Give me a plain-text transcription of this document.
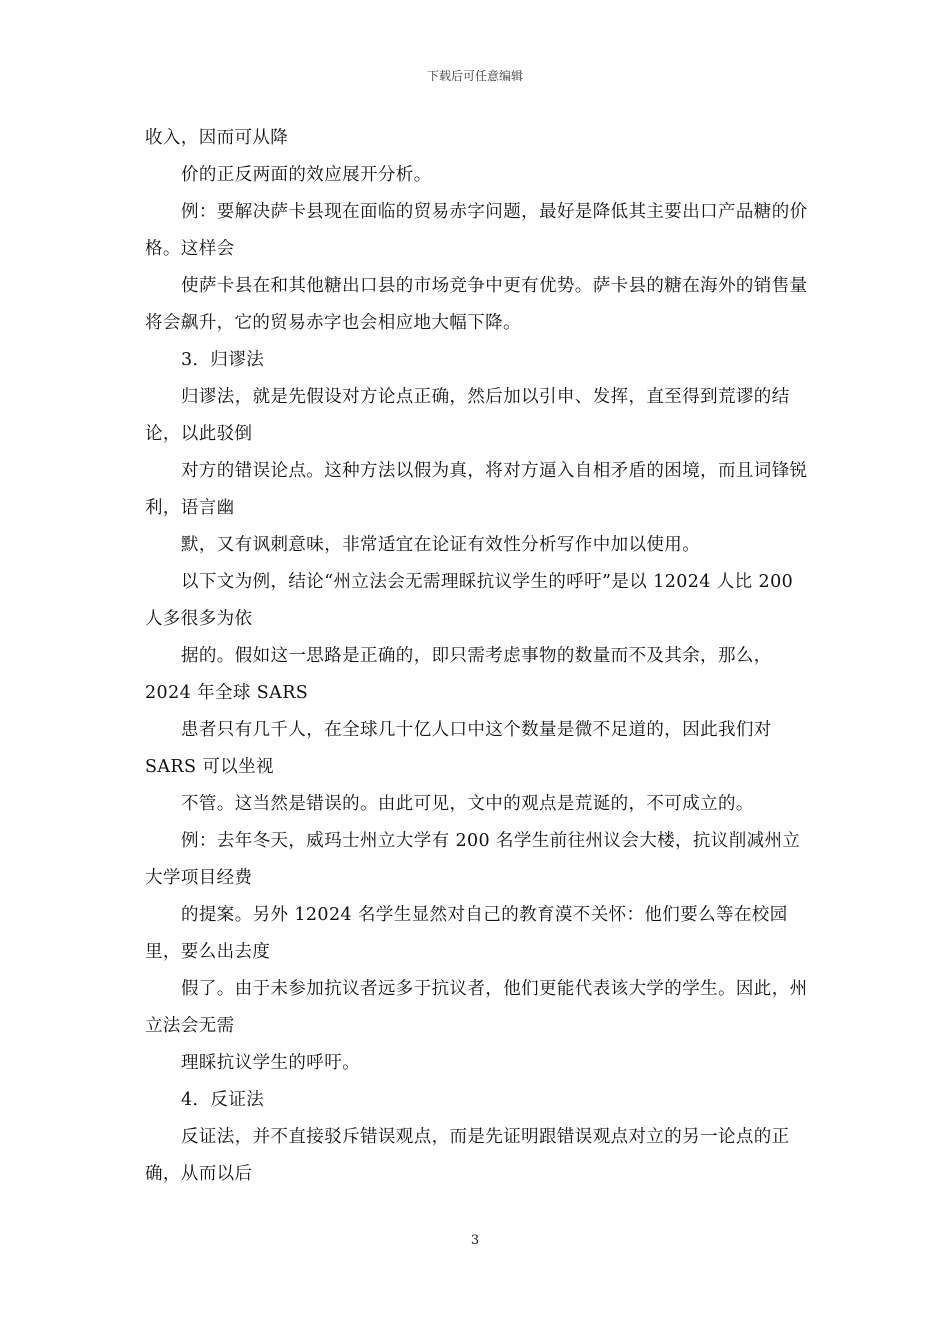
下载后可任意编辑

收入，因而可从降

价的正反两面的效应展开分析。

例：要解决萨卡县现在面临的贸易赤字问题，最好是降低其主要出口产品糖的价格。这样会

使萨卡县在和其他糖出口县的市场竞争中更有优势。萨卡县的糖在海外的销售量将会飙升，它的贸易赤字也会相应地大幅下降。

3．归谬法

归谬法，就是先假设对方论点正确，然后加以引申、发挥，直至得到荒谬的结论，以此驳倒

对方的错误论点。这种方法以假为真，将对方逼入自相矛盾的困境，而且词锋锐利，语言幽

默，又有讽刺意味，非常适宜在论证有效性分析写作中加以使用。

以下文为例，结论“州立法会无需理睬抗议学生的呼吁”是以 12024 人比 200 人多很多为依

据的。假如这一思路是正确的，即只需考虑事物的数量而不及其余，那么，2024 年全球 SARS

患者只有几千人，在全球几十亿人口中这个数量是微不足道的，因此我们对 SARS 可以坐视

不管。这当然是错误的。由此可见，文中的观点是荒诞的，不可成立的。

例：去年冬天，威玛士州立大学有 200 名学生前往州议会大楼，抗议削减州立大学项目经费

的提案。另外 12024 名学生显然对自己的教育漠不关怀：他们要么等在校园里，要么出去度

假了。由于未参加抗议者远多于抗议者，他们更能代表该大学的学生。因此，州立法会无需

理睬抗议学生的呼吁。

4．反证法

反证法，并不直接驳斥错误观点，而是先证明跟错误观点对立的另一论点的正确，从而以后

3
